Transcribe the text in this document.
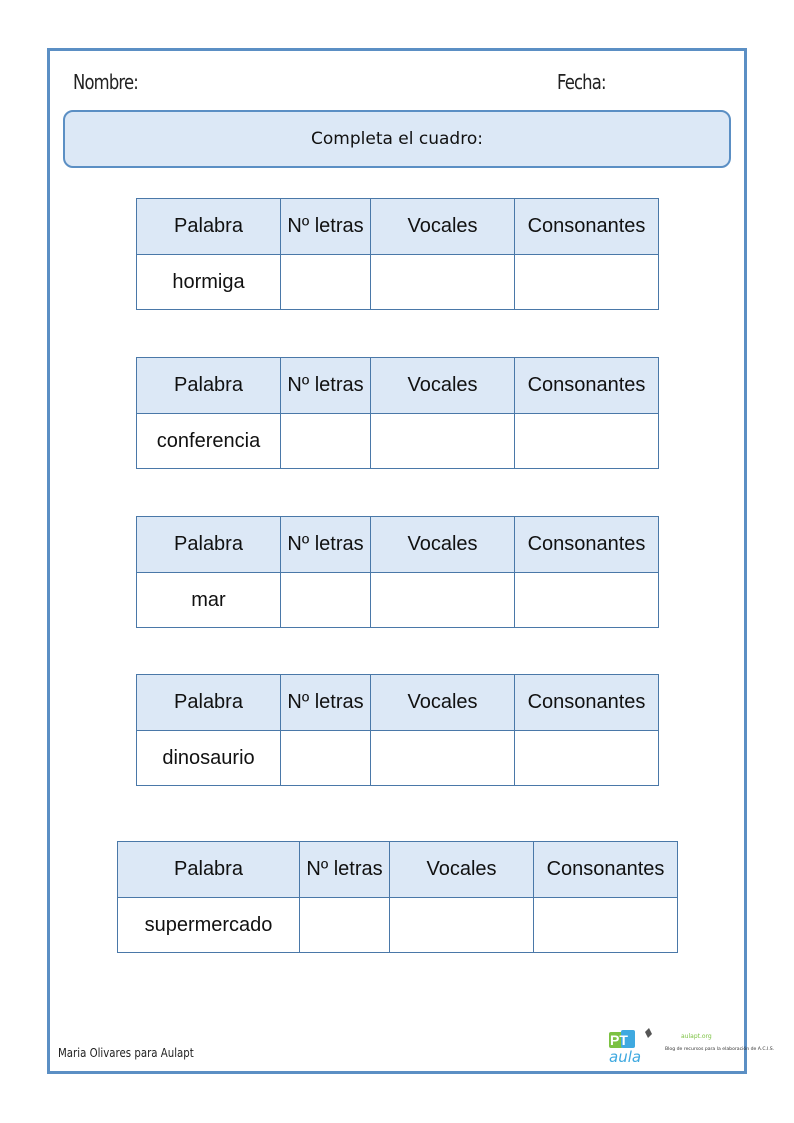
Nombre:	Fecha:
Completa el cuadro:
Palabra	Nº letras	Vocales	Consonantes
hormiga			
Palabra	Nº letras	Vocales	Consonantes
conferencia			
Palabra	Nº letras	Vocales	Consonantes
mar			
Palabra	Nº letras	Vocales	Consonantes
dinosaurio			
Palabra	Nº letras	Vocales	Consonantes
supermercado			
Maria Olivares para Aulapt
PT
aula
aulapt.org
Blog de recursos para la elaboración de A.C.I.S.
